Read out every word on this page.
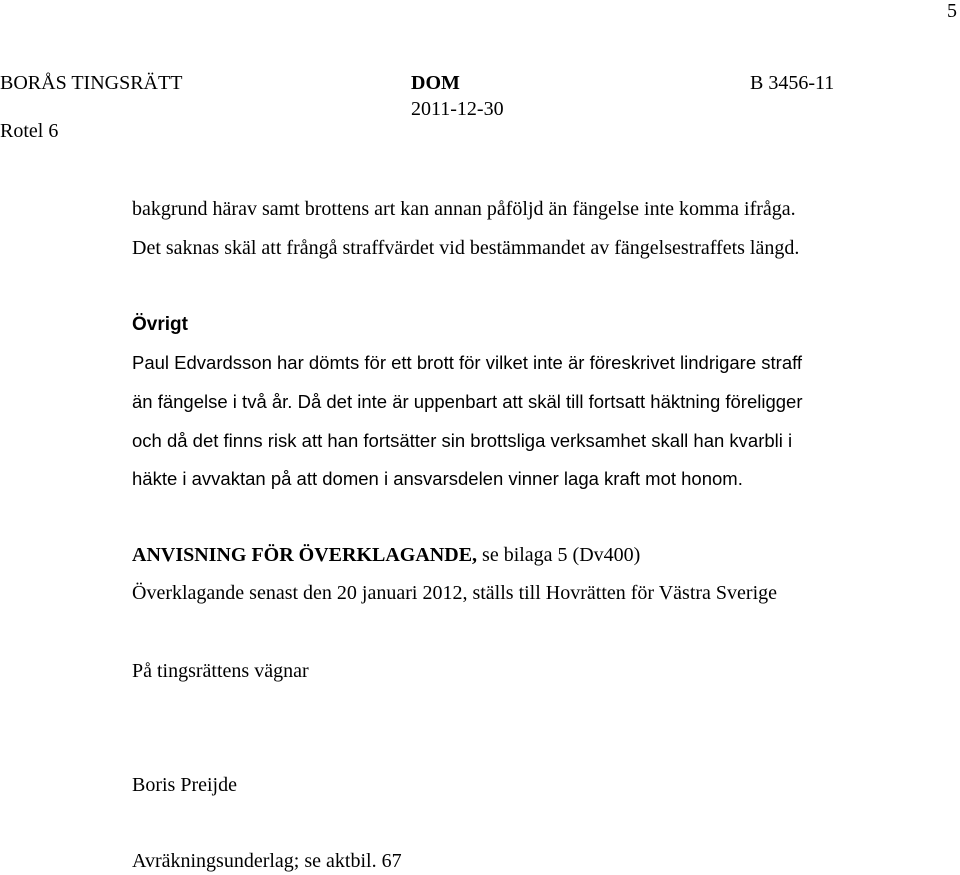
5
BORÅS TINGSRÄTT	DOM	B 3456-11
2011-12-30
Rotel 6
bakgrund härav samt brottens art kan annan påföljd än fängelse inte komma ifråga.
Det saknas skäl att frångå straffvärdet vid bestämmandet av fängelsestraffets längd.
Övrigt
Paul Edvardsson har dömts för ett brott för vilket inte är föreskrivet lindrigare straff
än fängelse i två år. Då det inte är uppenbart att skäl till fortsatt häktning föreligger
och då det finns risk att han fortsätter sin brottsliga verksamhet skall han kvarbli i
häkte i avvaktan på att domen i ansvarsdelen vinner laga kraft mot honom.
ANVISNING FÖR ÖVERKLAGANDE, se bilaga 5 (Dv400)
Överklagande senast den 20 januari 2012, ställs till Hovrätten för Västra Sverige
På tingsrättens vägnar
Boris Preijde
Avräkningsunderlag; se aktbil. 67
